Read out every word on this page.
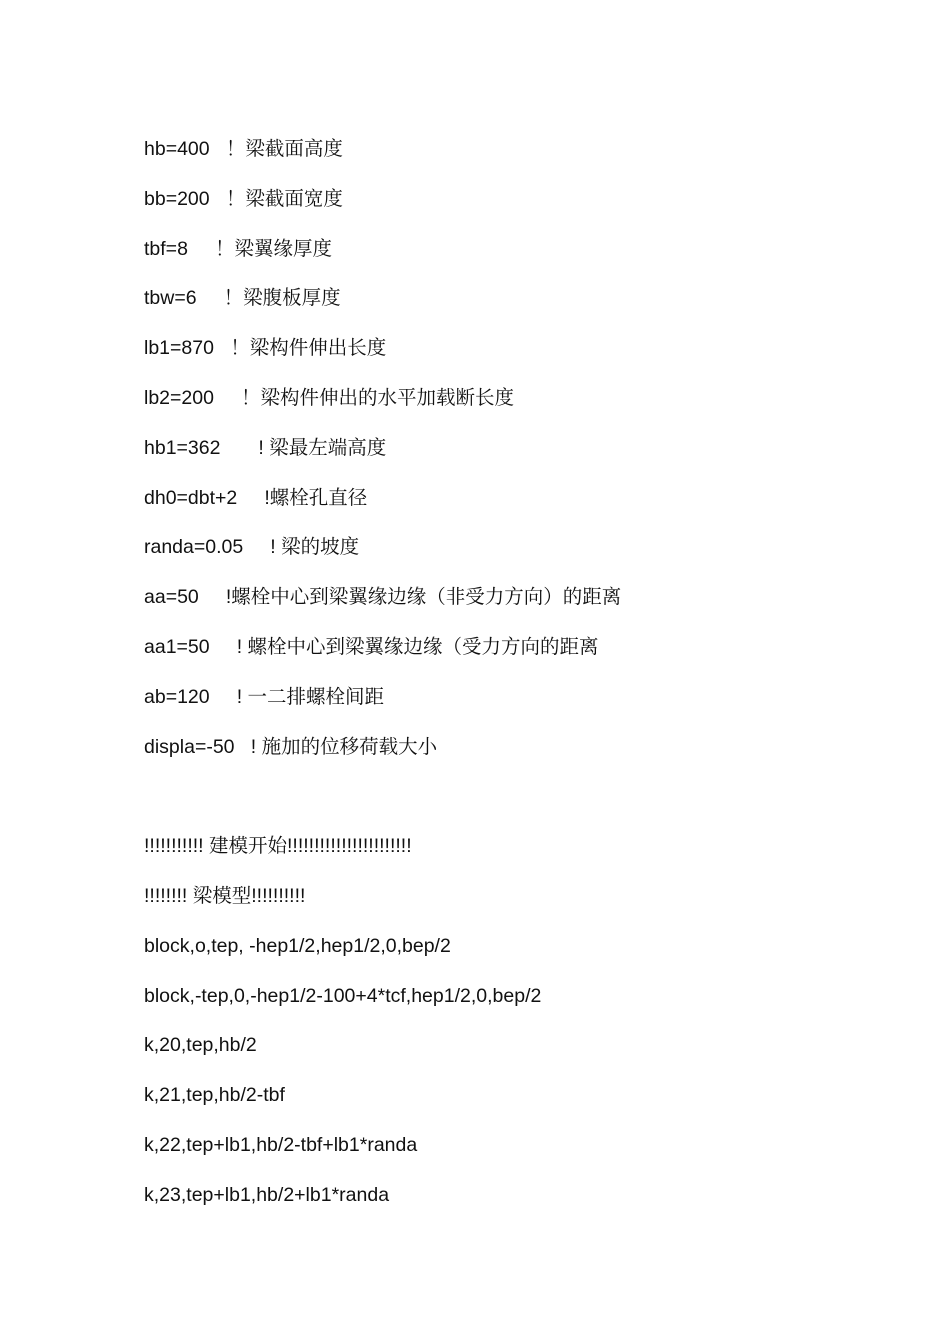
hb=400   ！梁截面高度
bb=200   ！梁截面宽度
tbf=8     ！梁翼缘厚度
tbw=6     ！梁腹板厚度
lb1=870   ！梁构件伸出长度
lb2=200     ！梁构件伸出的水平加载断长度
hb1=362       ! 梁最左端高度
dh0=dbt+2     !螺栓孔直径
randa=0.05     ! 梁的坡度
aa=50     !螺栓中心到梁翼缘边缘（非受力方向）的距离
aa1=50     ! 螺栓中心到梁翼缘边缘（受力方向的距离
ab=120     ! 一二排螺栓间距
displa=-50   ! 施加的位移荷载大小
!!!!!!!!!!! 建模开始!!!!!!!!!!!!!!!!!!!!!!!
!!!!!!!! 梁模型!!!!!!!!!!
block,o,tep, -hep1/2,hep1/2,0,bep/2
block,-tep,0,-hep1/2-100+4*tcf,hep1/2,0,bep/2
k,20,tep,hb/2
k,21,tep,hb/2-tbf
k,22,tep+lb1,hb/2-tbf+lb1*randa
k,23,tep+lb1,hb/2+lb1*randa
